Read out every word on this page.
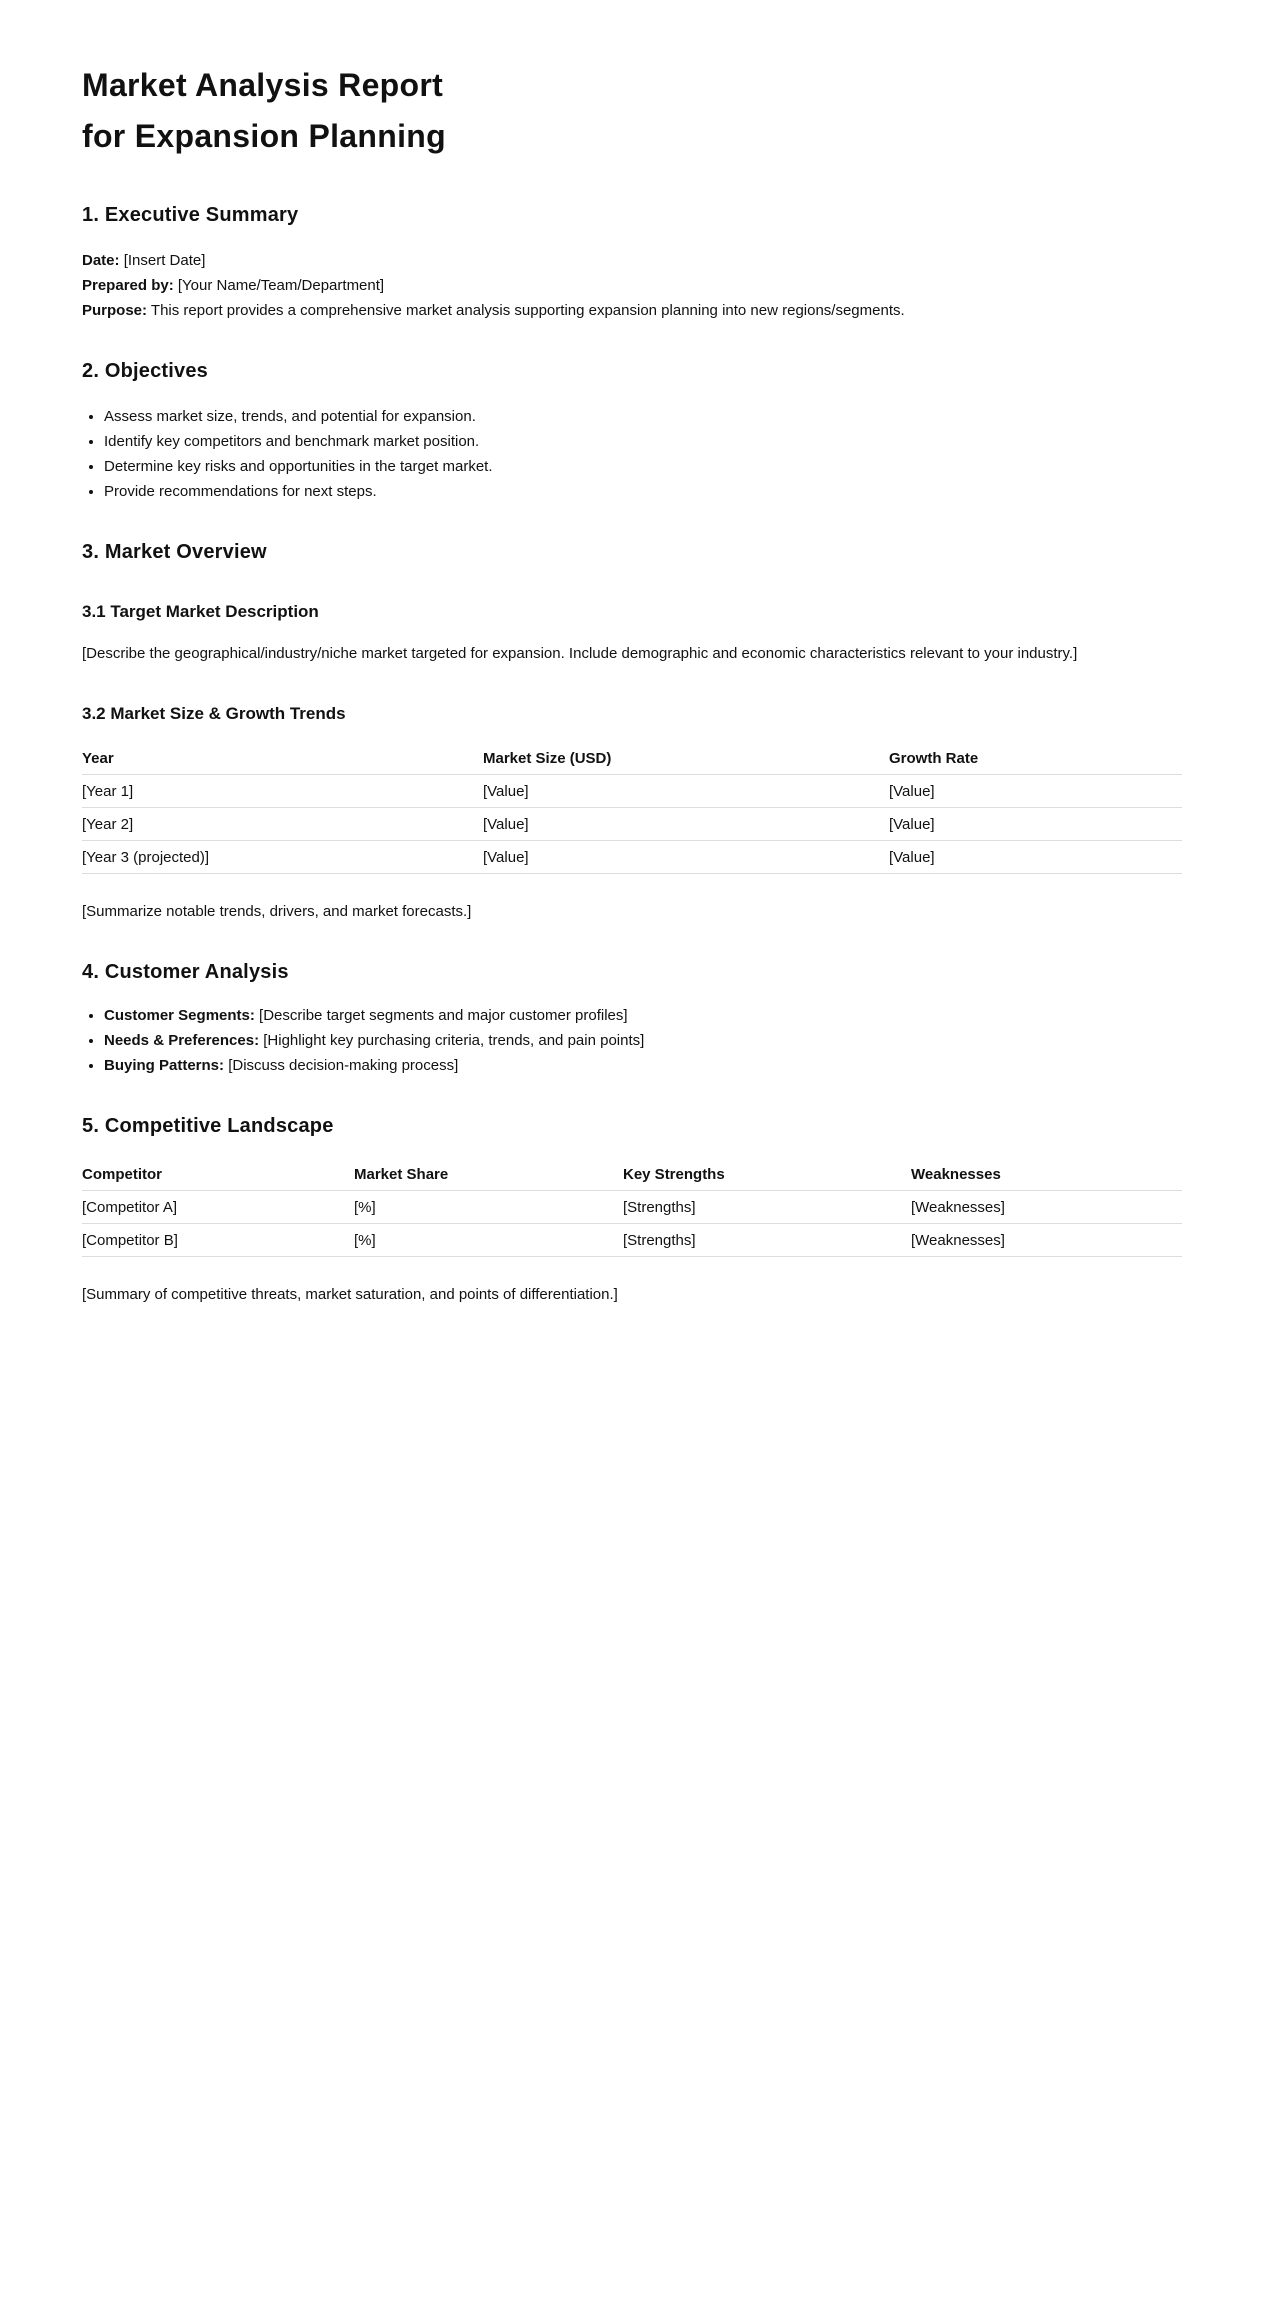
Market Analysis Report
for Expansion Planning
1. Executive Summary

Date: [Insert Date]

Prepared by: [Your Name/Team/Department]

Purpose: This report provides a comprehensive market analysis supporting expansion planning into new regions/segments.

2. Objectives
• Assess market size, trends, and potential for expansion.
• Identify key competitors and benchmark market position.
• Determine key risks and opportunities in the target market.
• Provide recommendations for next steps.
3. Market Overview
3.1 Target Market Description

[Describe the geographical/industry/niche market targeted for expansion. Include demographic and economic characteristics relevant to your industry.]

3.2 Market Size & Growth Trends
Year	Market Size (USD)	Growth Rate
[Year 1]	[Value]	[Value]
[Year 2]	[Value]	[Value]
[Year 3 (projected)]	[Value]	[Value]

[Summarize notable trends, drivers, and market forecasts.]

4. Customer Analysis
• Customer Segments: [Describe target segments and major customer profiles]
• Needs & Preferences: [Highlight key purchasing criteria, trends, and pain points]
• Buying Patterns: [Discuss decision-making process]
5. Competitive Landscape
Competitor	Market Share	Key Strengths	Weaknesses
[Competitor A]	[%]	[Strengths]	[Weaknesses]
[Competitor B]	[%]	[Strengths]	[Weaknesses]

[Summary of competitive threats, market saturation, and points of differentiation.]
